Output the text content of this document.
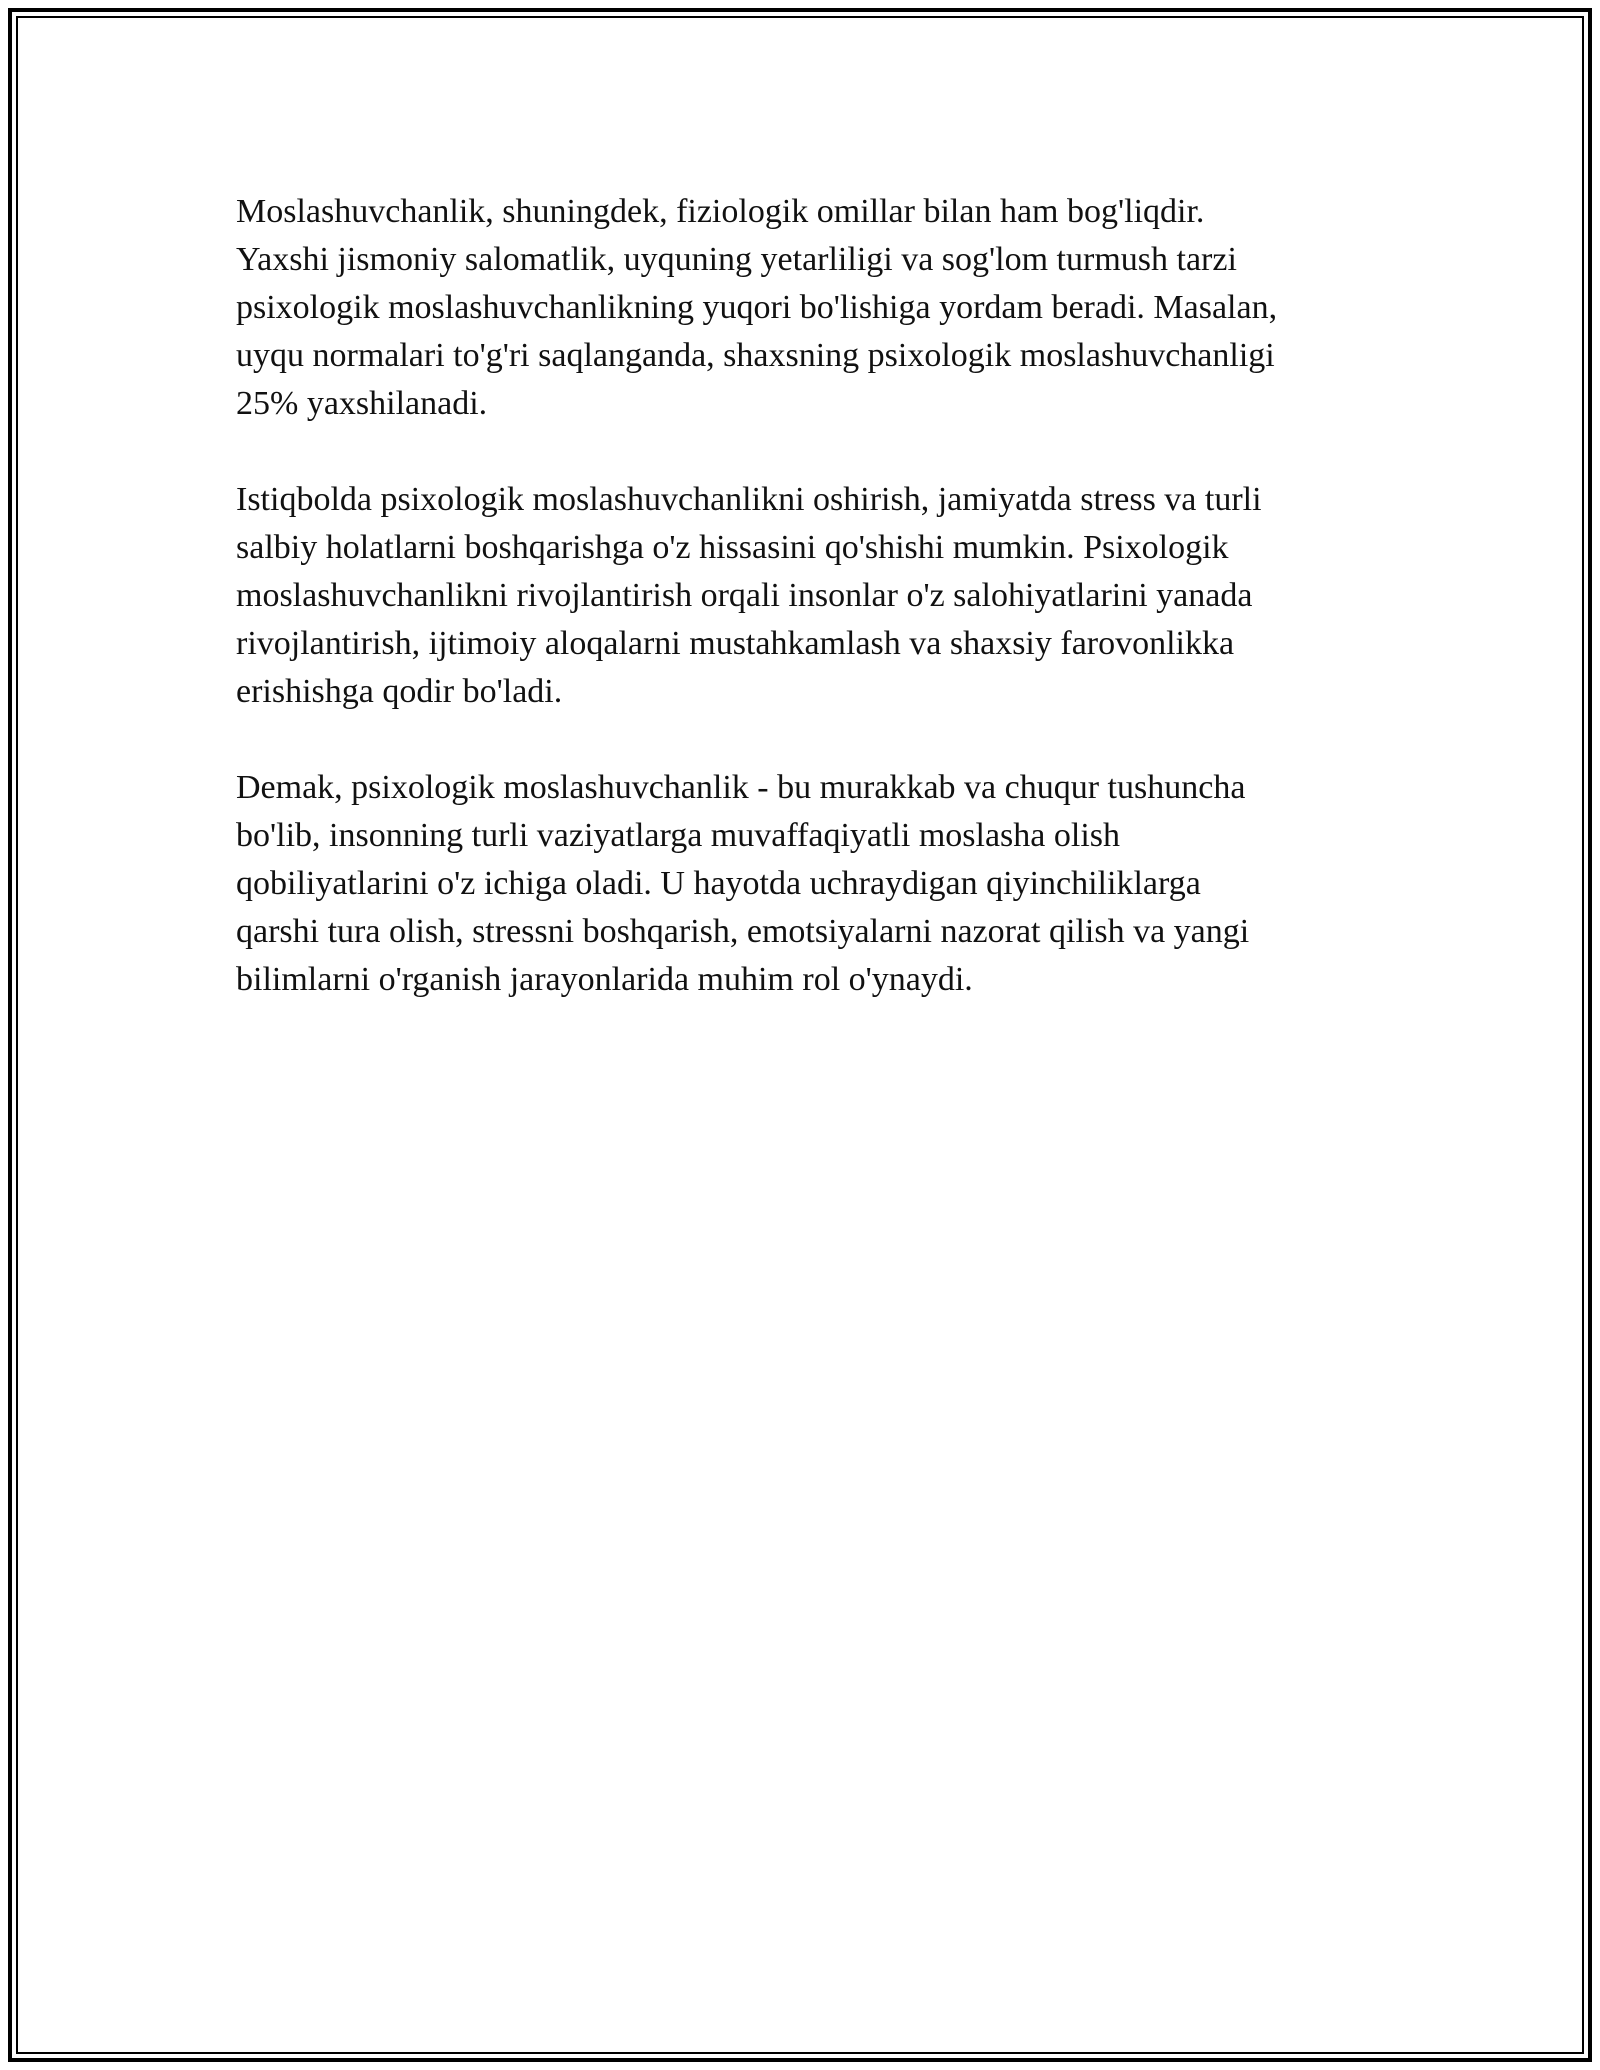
Moslashuvchanlik, shuningdek, fiziologik omillar bilan ham bog'liqdir.
Yaxshi jismoniy salomatlik, uyquning yetarliligi va sog'lom turmush tarzi
psixologik moslashuvchanlikning yuqori bo'lishiga yordam beradi. Masalan,
uyqu normalari to'g'ri saqlanganda, shaxsning psixologik moslashuvchanligi
25% yaxshilanadi.

Istiqbolda psixologik moslashuvchanlikni oshirish, jamiyatda stress va turli
salbiy holatlarni boshqarishga o'z hissasini qo'shishi mumkin. Psixologik
moslashuvchanlikni rivojlantirish orqali insonlar o'z salohiyatlarini yanada
rivojlantirish, ijtimoiy aloqalarni mustahkamlash va shaxsiy farovonlikka
erishishga qodir bo'ladi.

Demak, psixologik moslashuvchanlik - bu murakkab va chuqur tushuncha
bo'lib, insonning turli vaziyatlarga muvaffaqiyatli moslasha olish
qobiliyatlarini o'z ichiga oladi. U hayotda uchraydigan qiyinchiliklarga
qarshi tura olish, stressni boshqarish, emotsiyalarni nazorat qilish va yangi
bilimlarni o'rganish jarayonlarida muhim rol o'ynaydi.
